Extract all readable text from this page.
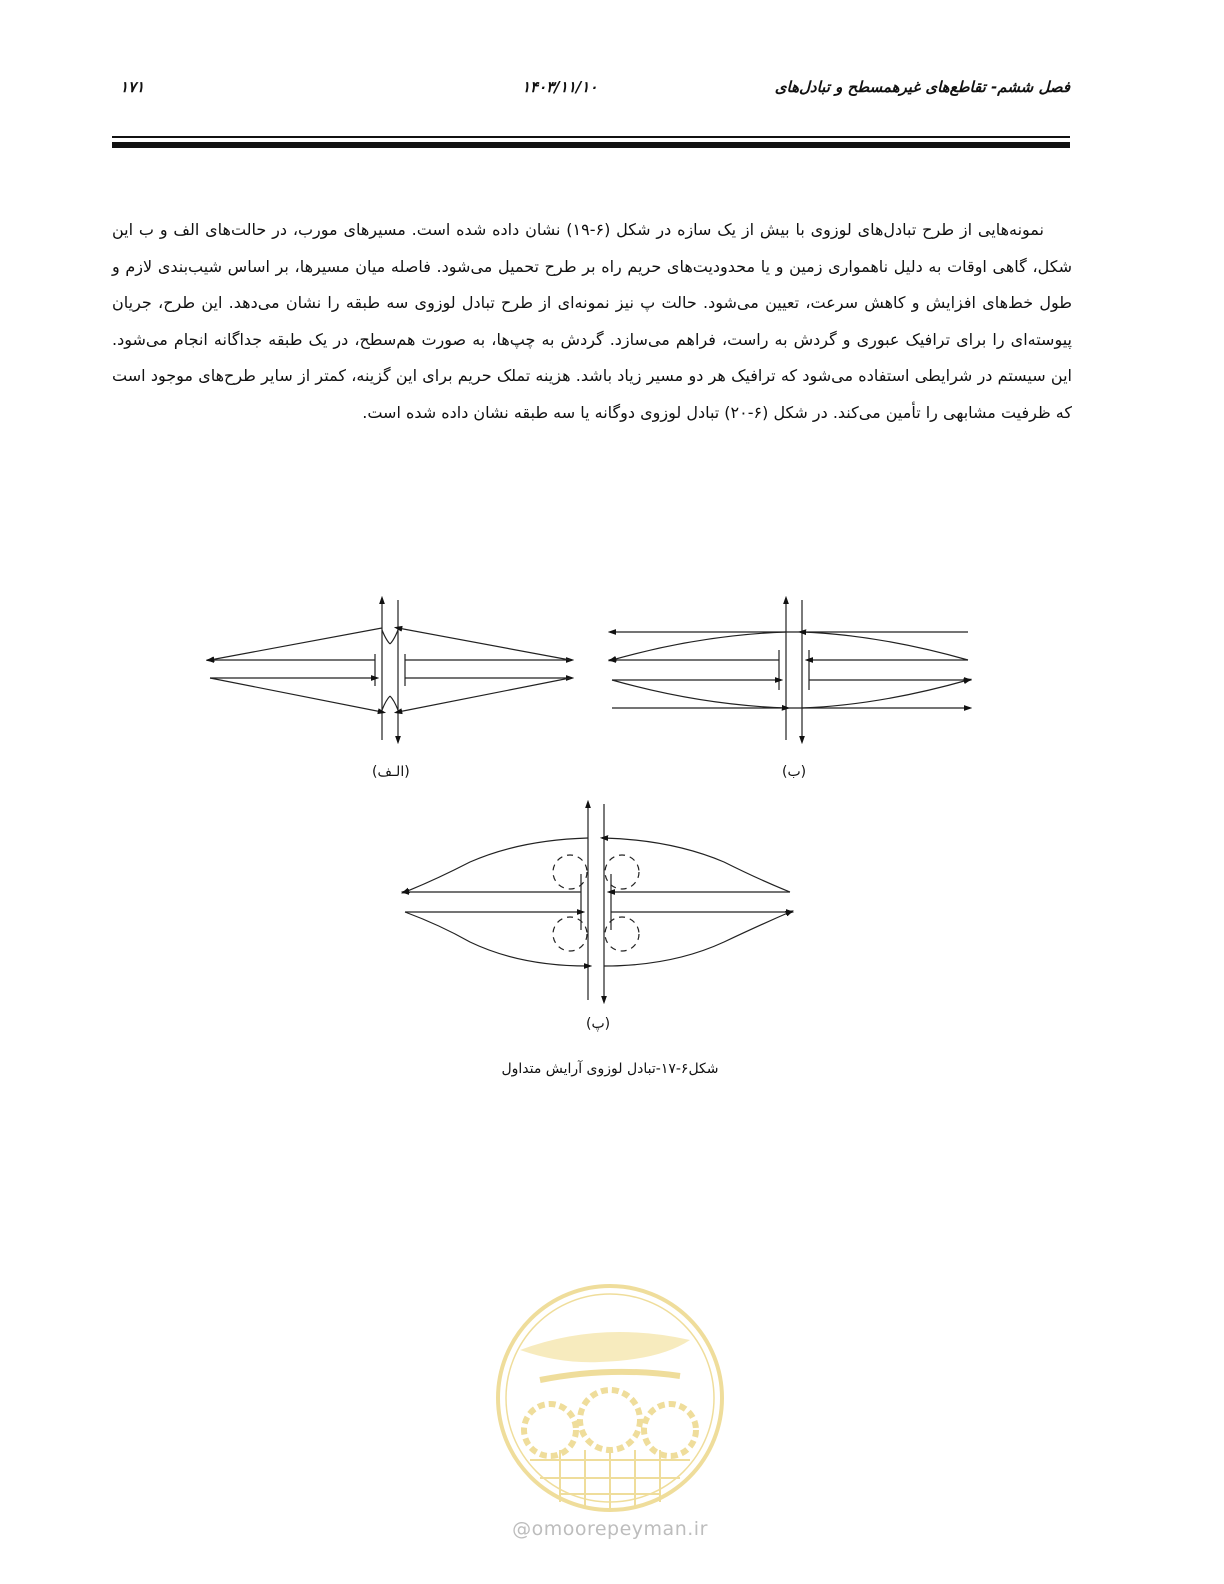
فصل ششم- تقاطع‌های غیرهمسطح و تبادل‌های
۱۴۰۳/۱۱/۱۰
۱۷۱

نمونه‌هایی از طرح تبادل‌های لوزوی با بیش از یک سازه در شکل (۶-۱۹) نشان داده شده است. مسیرهای مورب، در حالت‌های الف و ب این شکل، گاهی اوقات به دلیل ناهمواری زمین و یا محدودیت‌های حریم راه بر طرح تحمیل می‌شود. فاصله میان مسیرها، بر اساس شیب‌بندی لازم و طول خط‌های افزایش و کاهش سرعت، تعیین می‌شود. حالت پ نیز نمونه‌ای از طرح تبادل لوزوی سه طبقه را نشان می‌دهد. این طرح، جریان پیوسته‌ای را برای ترافیک عبوری و گردش به راست، فراهم می‌سازد. گردش به چپ‌ها، به صورت هم‌سطح، در یک طبقه جداگانه انجام می‌شود. این سیستم در شرایطی استفاده می‌شود که ترافیک هر دو مسیر زیاد باشد. هزینه تملک حریم برای این گزینه، کمتر از سایر طرح‌های موجود است که ظرفیت مشابهی را تأمین می‌کند. در شکل (۶-۲۰) تبادل لوزوی دوگانه یا سه طبقه نشان داده شده است.

(الـف)	(ب)
(پ)
شکل۶-۱۷-تبادل لوزوی آرایش متداول
@omoorepeyman.ir
